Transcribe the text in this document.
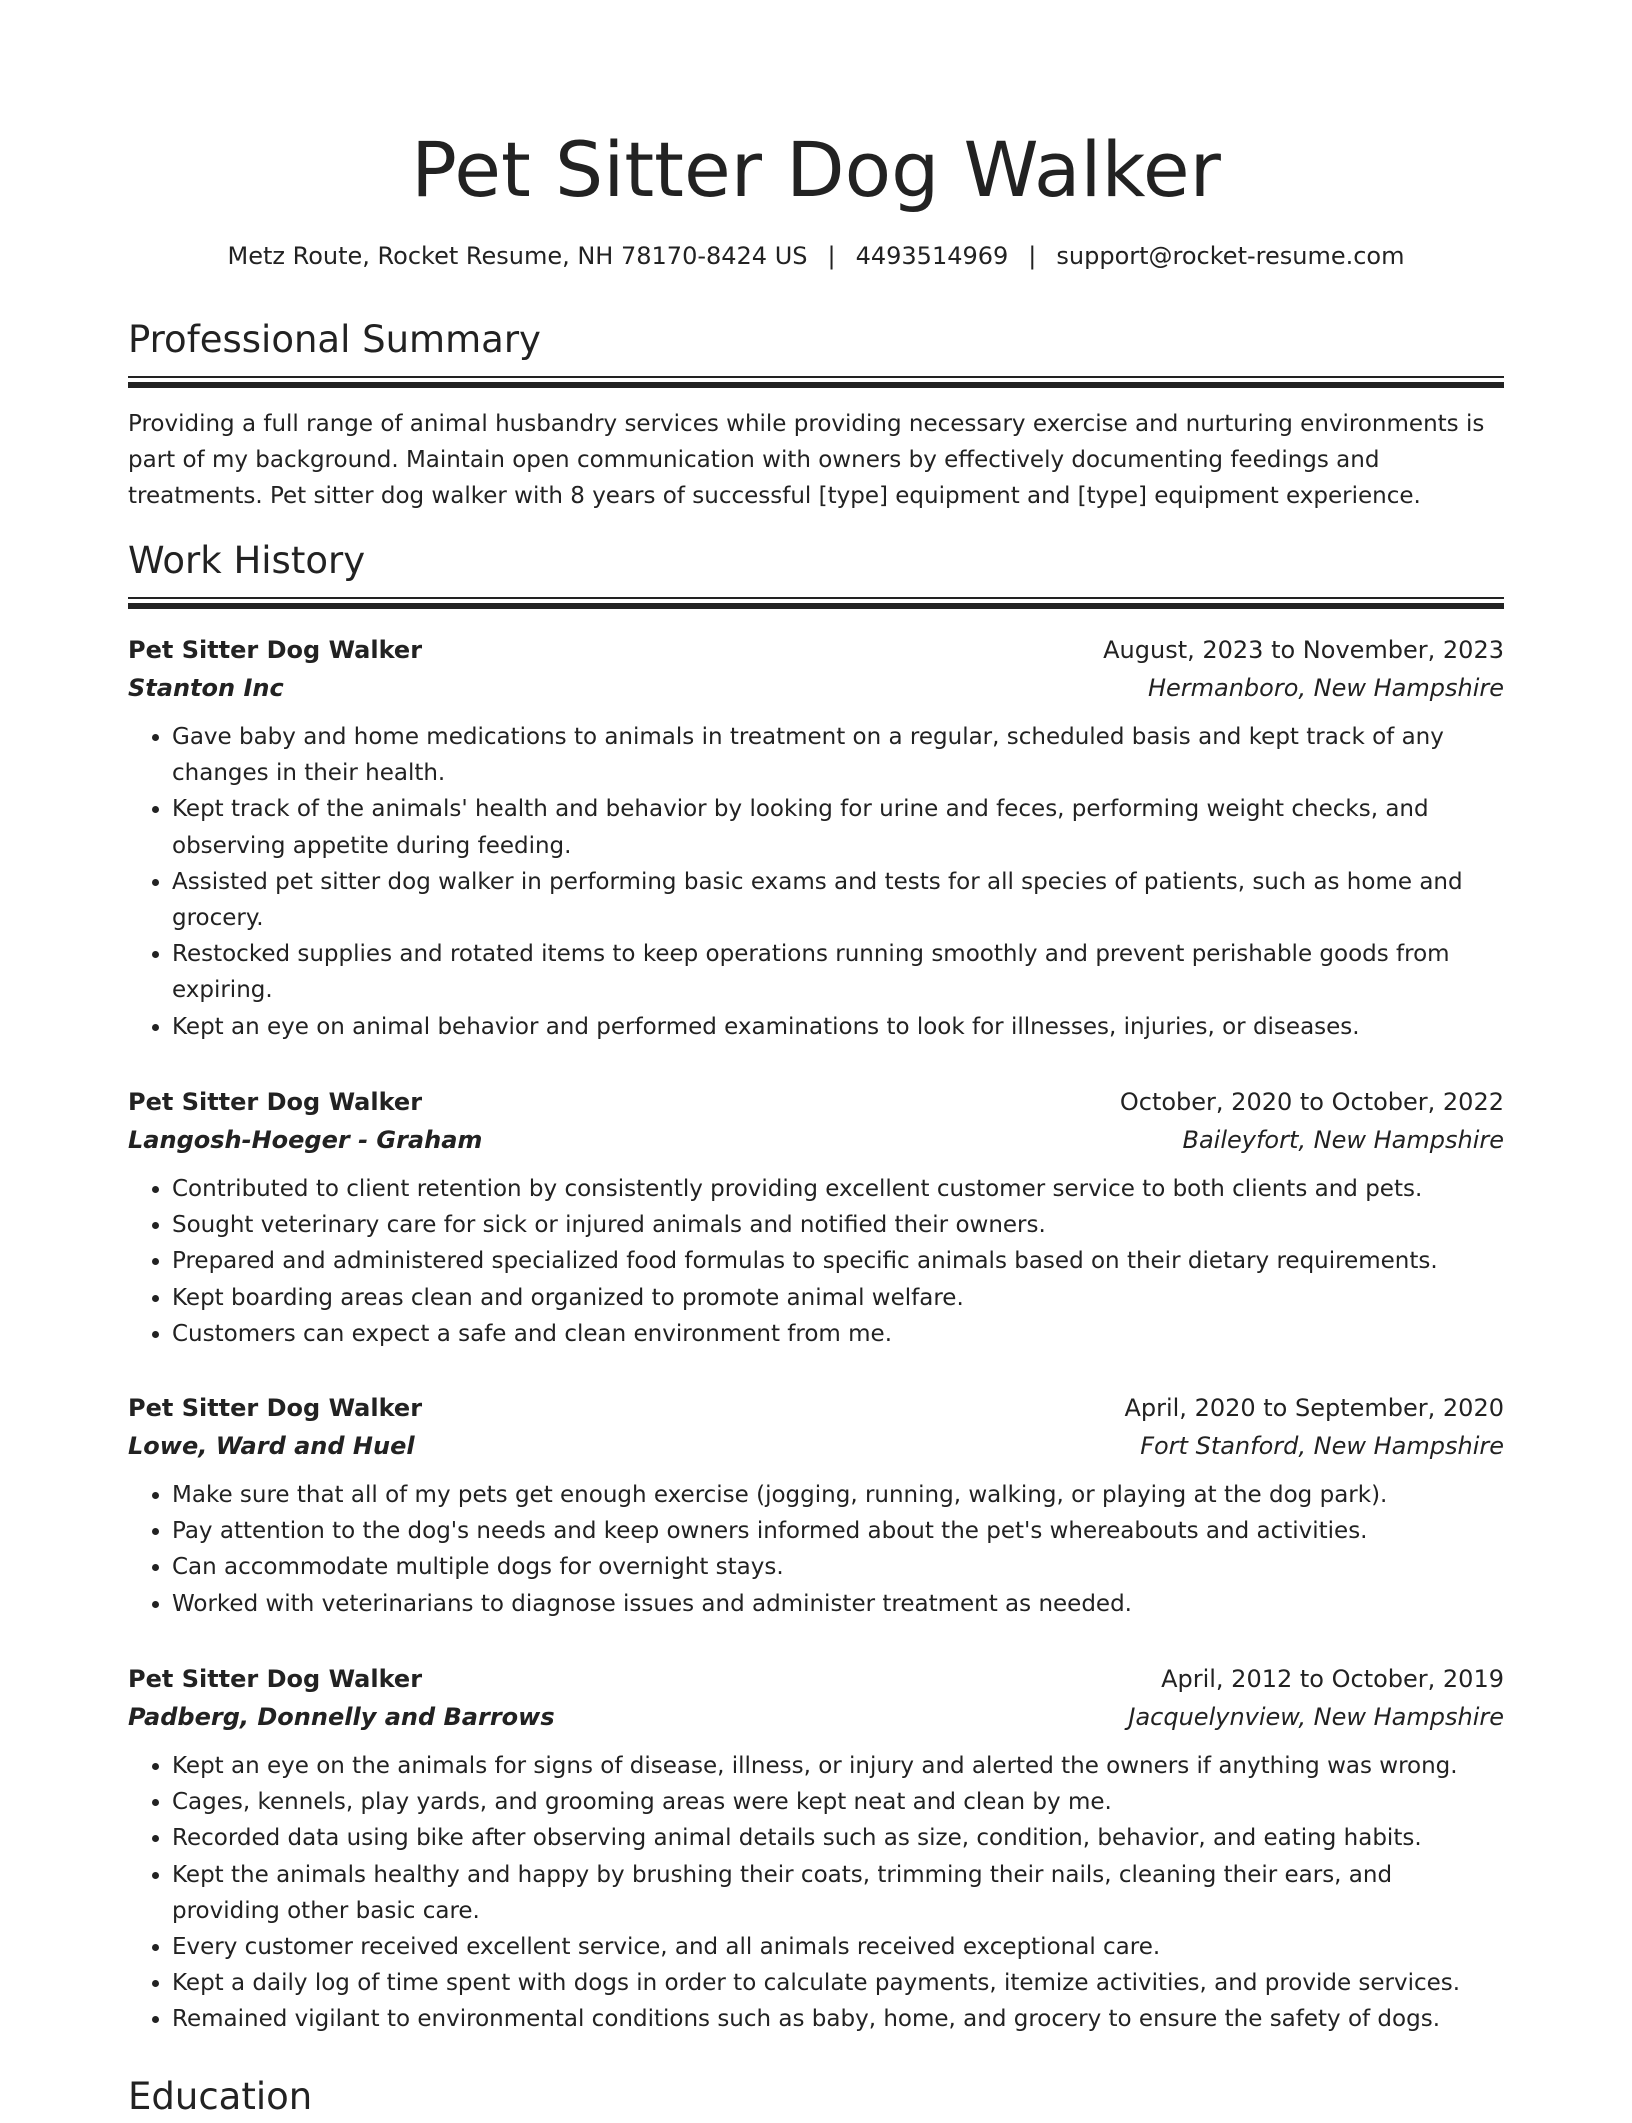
Pet Sitter Dog Walker
Metz Route, Rocket Resume, NH 78170-8424 US | 4493514969 | support@rocket-resume.com
Professional Summary

Providing a full range of animal husbandry services while providing necessary exercise and nurturing environments is part of my background. Maintain open communication with owners by effectively documenting feedings and treatments. Pet sitter dog walker with 8 years of successful [type] equipment and [type] equipment experience.

Work History
Pet Sitter Dog Walker	August, 2023 to November, 2023
Stanton Inc	Hermanboro, New Hampshire
• Gave baby and home medications to animals in treatment on a regular, scheduled basis and kept track of any changes in their health.
• Kept track of the animals' health and behavior by looking for urine and feces, performing weight checks, and observing appetite during feeding.
• Assisted pet sitter dog walker in performing basic exams and tests for all species of patients, such as home and grocery.
• Restocked supplies and rotated items to keep operations running smoothly and prevent perishable goods from expiring.
• Kept an eye on animal behavior and performed examinations to look for illnesses, injuries, or diseases.
Pet Sitter Dog Walker	October, 2020 to October, 2022
Langosh-Hoeger - Graham	Baileyfort, New Hampshire
• Contributed to client retention by consistently providing excellent customer service to both clients and pets.
• Sought veterinary care for sick or injured animals and notified their owners.
• Prepared and administered specialized food formulas to specific animals based on their dietary requirements.
• Kept boarding areas clean and organized to promote animal welfare.
• Customers can expect a safe and clean environment from me.
Pet Sitter Dog Walker	April, 2020 to September, 2020
Lowe, Ward and Huel	Fort Stanford, New Hampshire
• Make sure that all of my pets get enough exercise (jogging, running, walking, or playing at the dog park).
• Pay attention to the dog's needs and keep owners informed about the pet's whereabouts and activities.
• Can accommodate multiple dogs for overnight stays.
• Worked with veterinarians to diagnose issues and administer treatment as needed.
Pet Sitter Dog Walker	April, 2012 to October, 2019
Padberg, Donnelly and Barrows	Jacquelynview, New Hampshire
• Kept an eye on the animals for signs of disease, illness, or injury and alerted the owners if anything was wrong.
• Cages, kennels, play yards, and grooming areas were kept neat and clean by me.
• Recorded data using bike after observing animal details such as size, condition, behavior, and eating habits.
• Kept the animals healthy and happy by brushing their coats, trimming their nails, cleaning their ears, and providing other basic care.
• Every customer received excellent service, and all animals received exceptional care.
• Kept a daily log of time spent with dogs in order to calculate payments, itemize activities, and provide services.
• Remained vigilant to environmental conditions such as baby, home, and grocery to ensure the safety of dogs.
Education
